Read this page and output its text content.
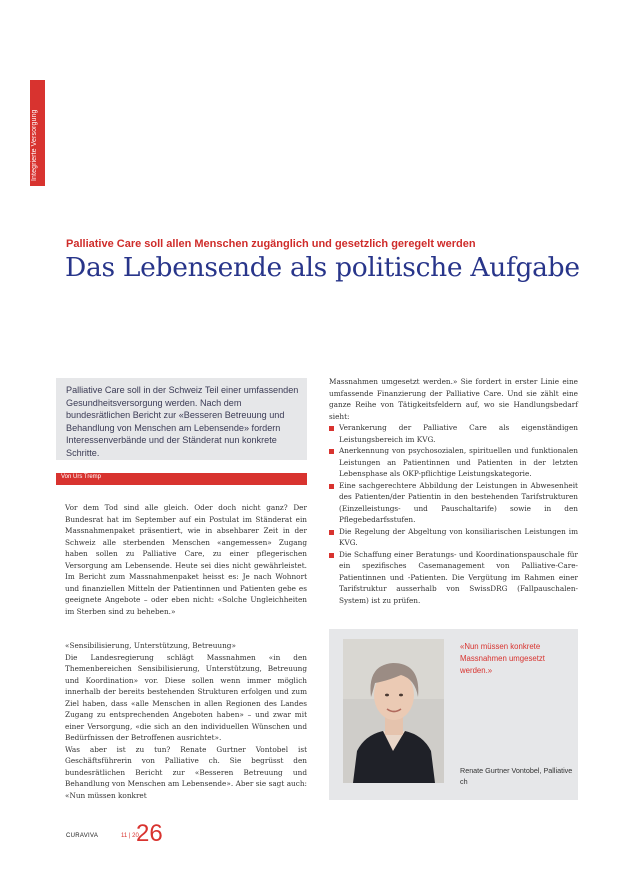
Integrierte Versorgung
Palliative Care soll allen Menschen zugänglich und gesetzlich geregelt werden
Das Lebensende als politische Aufgabe

Palliative Care soll in der Schweiz Teil einer umfassenden Gesundheitsversorgung werden. Nach dem bundesrätlichen Bericht zur «Besseren Betreuung und Behandlung von Menschen am Lebensende» fordern Interessenverbände und der Ständerat nun konkrete Schritte.

Von Urs Tremp

Vor dem Tod sind alle gleich. Oder doch nicht ganz? Der Bundesrat hat im September auf ein Postulat im Ständerat ein Massnahmenpaket präsentiert, wie in absehbarer Zeit in der Schweiz alle sterbenden Menschen «angemessen» Zugang haben sollen zu Palliative Care, zu einer pflegerischen Versorgung am Lebensende. Heute sei dies nicht gewährleistet. Im Bericht zum Massnahmenpaket heisst es: Je nach Wohnort und finanziellen Mitteln der Patientinnen und Patienten gebe es geeignete Angebote – oder eben nicht: «Solche Ungleichheiten im Sterben sind zu beheben.»

«Sensibilisierung, Unterstützung, Betreuung»

Die Landesregierung schlägt Massnahmen «in den Themenbereichen Sensibilisierung, Unterstützung, Betreuung und Koordination» vor. Diese sollen wenn immer möglich innerhalb der bereits bestehenden Strukturen erfolgen und zum Ziel haben, dass «alle Menschen in allen Regionen des Landes Zugang zu entsprechenden Angeboten haben» – und zwar mit einer Versorgung, «die sich an den individuellen Wünschen und Bedürfnissen der Betroffenen ausrichtet».

Was aber ist zu tun? Renate Gurtner Vontobel ist Geschäftsführerin von Palliative ch. Sie begrüsst den bundesrätlichen Bericht zur «Besseren Betreuung und Behandlung von Menschen am Lebensende». Aber sie sagt auch: «Nun müssen konkret

Massnahmen umgesetzt werden.» Sie fordert in erster Linie eine umfassende Finanzierung der Palliative Care. Und sie zählt eine ganze Reihe von Tätigkeitsfeldern auf, wo sie Handlungsbedarf sieht:

Verankerung der Palliative Care als eigenständigen Leistungsbereich im KVG.

Anerkennung von psychosozialen, spirituellen und funktionalen Leistungen an Patientinnen und Patienten in der letzten Lebensphase als OKP-pflichtige Leistungskategorie.

Eine sachgerechtere Abbildung der Leistungen in Abwesenheit des Patienten/der Patientin in den bestehenden Tarifstrukturen (Einzelleistungs- und Pauschaltarife) sowie in den Pflegebedarfsstufen.

Die Regelung der Abgeltung von konsiliarischen Leistungen im KVG.

Die Schaffung einer Beratungs- und Koordinationspauschale für ein spezifisches Casemanagement von Palliative-Care-Patientinnen und -Patienten. Die Vergütung im Rahmen einer Tarifstruktur ausserhalb von SwissDRG (Fallpauschalen-System) ist zu prüfen.

«Nun müssen konkrete Massnahmen umgesetzt werden.»
Renate Gurtner Vontobel, Palliative ch
CURAVIVA	11 | 20
26
